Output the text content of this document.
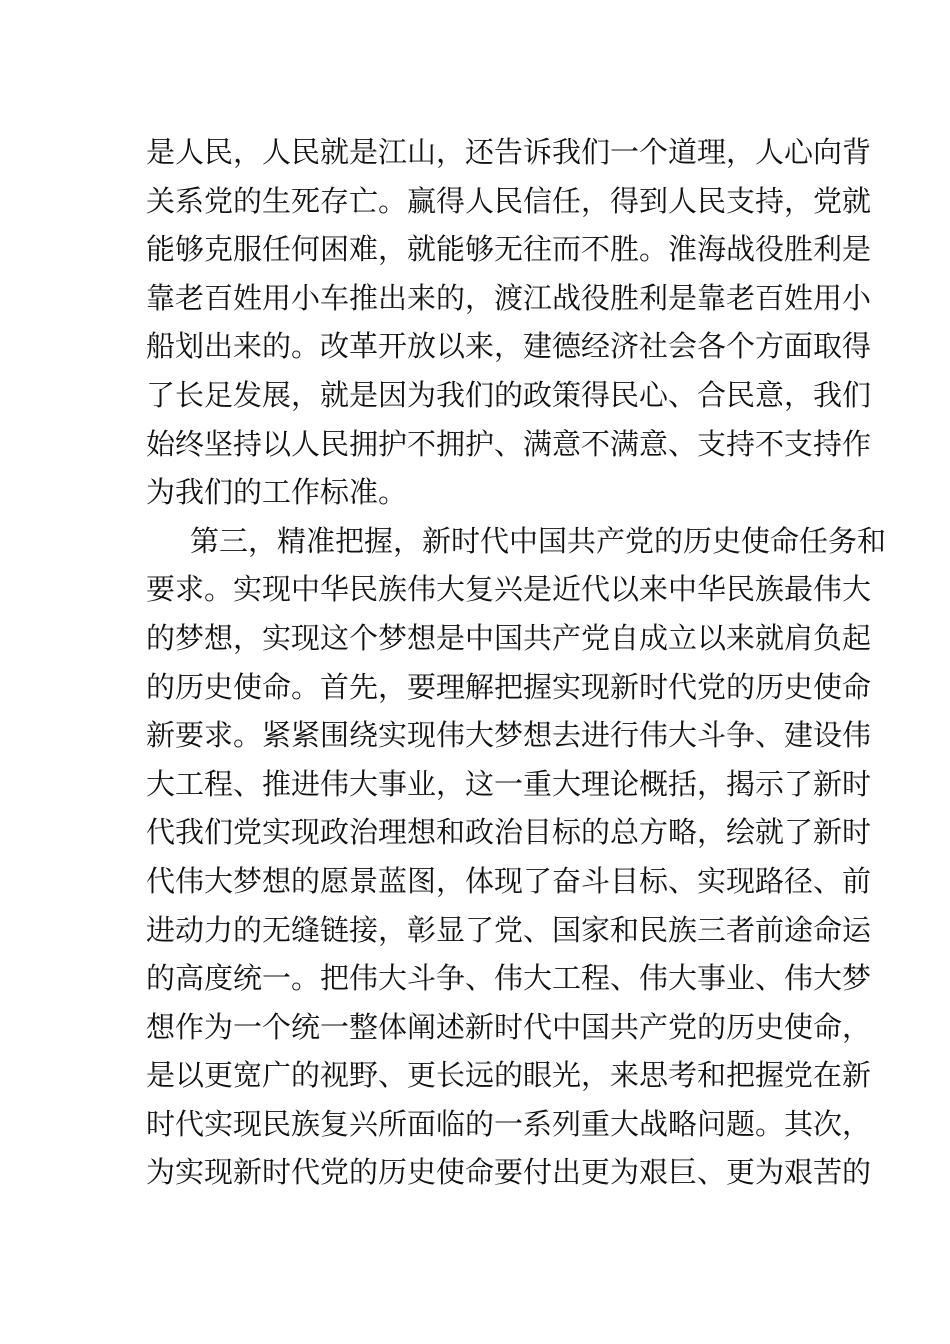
是人民，人民就是江山，还告诉我们一个道理，人心向背
关系党的生死存亡。赢得人民信任，得到人民支持，党就
能够克服任何困难，就能够无往而不胜。淮海战役胜利是
靠老百姓用小车推出来的，渡江战役胜利是靠老百姓用小
船划出来的。改革开放以来，建德经济社会各个方面取得
了长足发展，就是因为我们的政策得民心、合民意，我们
始终坚持以人民拥护不拥护、满意不满意、支持不支持作
为我们的工作标准。
第三，精准把握，新时代中国共产党的历史使命任务和
要求。实现中华民族伟大复兴是近代以来中华民族最伟大
的梦想，实现这个梦想是中国共产党自成立以来就肩负起
的历史使命。首先，要理解把握实现新时代党的历史使命
新要求。紧紧围绕实现伟大梦想去进行伟大斗争、建设伟
大工程、推进伟大事业，这一重大理论概括，揭示了新时
代我们党实现政治理想和政治目标的总方略，绘就了新时
代伟大梦想的愿景蓝图，体现了奋斗目标、实现路径、前
进动力的无缝链接，彰显了党、国家和民族三者前途命运
的高度统一。把伟大斗争、伟大工程、伟大事业、伟大梦
想作为一个统一整体阐述新时代中国共产党的历史使命，
是以更宽广的视野、更长远的眼光，来思考和把握党在新
时代实现民族复兴所面临的一系列重大战略问题。其次，
为实现新时代党的历史使命要付出更为艰巨、更为艰苦的
